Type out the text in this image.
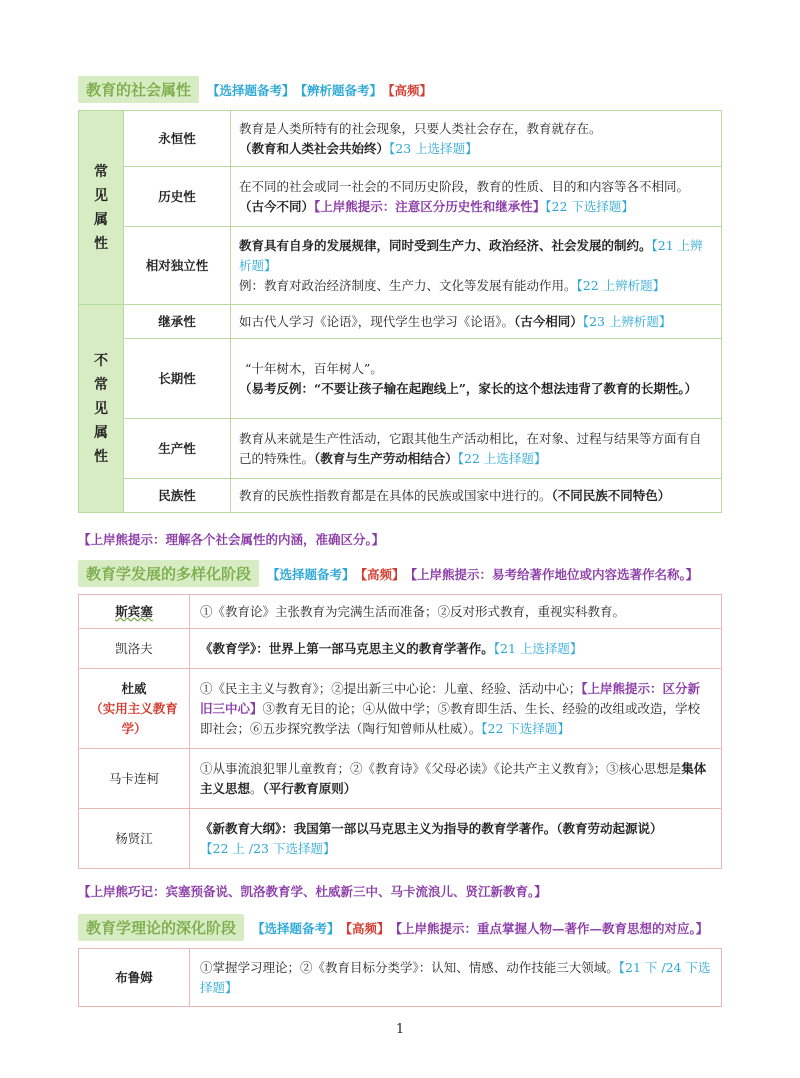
教育的社会属性	【选择题备考】 【辨析题备考】 【高频】
常
见
属
性	永恒性	教育是人类所特有的社会现象，只要人类社会存在，教育就存在。
（教育和人类社会共始终）【23 上选择题】
	历史性	在不同的社会或同一社会的不同历史阶段，教育的性质、目的和内容等各不相同。
（古今不同）【上岸熊提示：注意区分历史性和继承性】【22 下选择题】
	相对独立性	教育具有自身的发展规律，同时受到生产力、政治经济、社会发展的制约。【21 上辨析题】
例：教育对政治经济制度、生产力、文化等发展有能动作用。【22 上辨析题】

不
常
见
属
性	继承性	如古代人学习《论语》，现代学生也学习《论语》。（古今相同）【23 上辨析题】
	长期性	“十年树木，百年树人”。
（易考反例：“不要让孩子输在起跑线上”，家长的这个想法违背了教育的长期性。）
	生产性	教育从来就是生产性活动，它跟其他生产活动相比，在对象、过程与结果等方面有自己的特殊性。（教育与生产劳动相结合）【22 上选择题】
	民族性	教育的民族性指教育都是在具体的民族或国家中进行的。（不同民族不同特色）
【上岸熊提示：理解各个社会属性的内涵，准确区分。】
教育学发展的多样化阶段	【选择题备考】 【高频】 【上岸熊提示：易考给著作地位或内容选著作名称。】
斯宾塞	①《教育论》主张教育为完满生活而准备；②反对形式教育，重视实科教育。
凯洛夫	《教育学》：世界上第一部马克思主义的教育学著作。【21 上选择题】
杜威
（实用主义教育学）	①《民主主义与教育》；②提出新三中心论：儿童、经验、活动中心；【上岸熊提示：区分新旧三中心】③教育无目的论；④从做中学；⑤教育即生活、生长、经验的改组或改造，学校即社会；⑥五步探究教学法（陶行知曾师从杜威）。【22 下选择题】
马卡连柯	①从事流浪犯罪儿童教育；②《教育诗》《父母必读》《论共产主义教育》；③核心思想是集体主义思想。（平行教育原则）
杨贤江	《新教育大纲》：我国第一部以马克思主义为指导的教育学著作。（教育劳动起源说）
【22 上 /23 下选择题】
【上岸熊巧记：宾塞预备说、凯洛教育学、杜威新三中、马卡流浪儿、贤江新教育。】
教育学理论的深化阶段	【选择题备考】 【高频】 【上岸熊提示：重点掌握人物—著作—教育思想的对应。】
布鲁姆	①掌握学习理论；②《教育目标分类学》：认知、情感、动作技能三大领域。【21 下 /24 下选择题】
1
